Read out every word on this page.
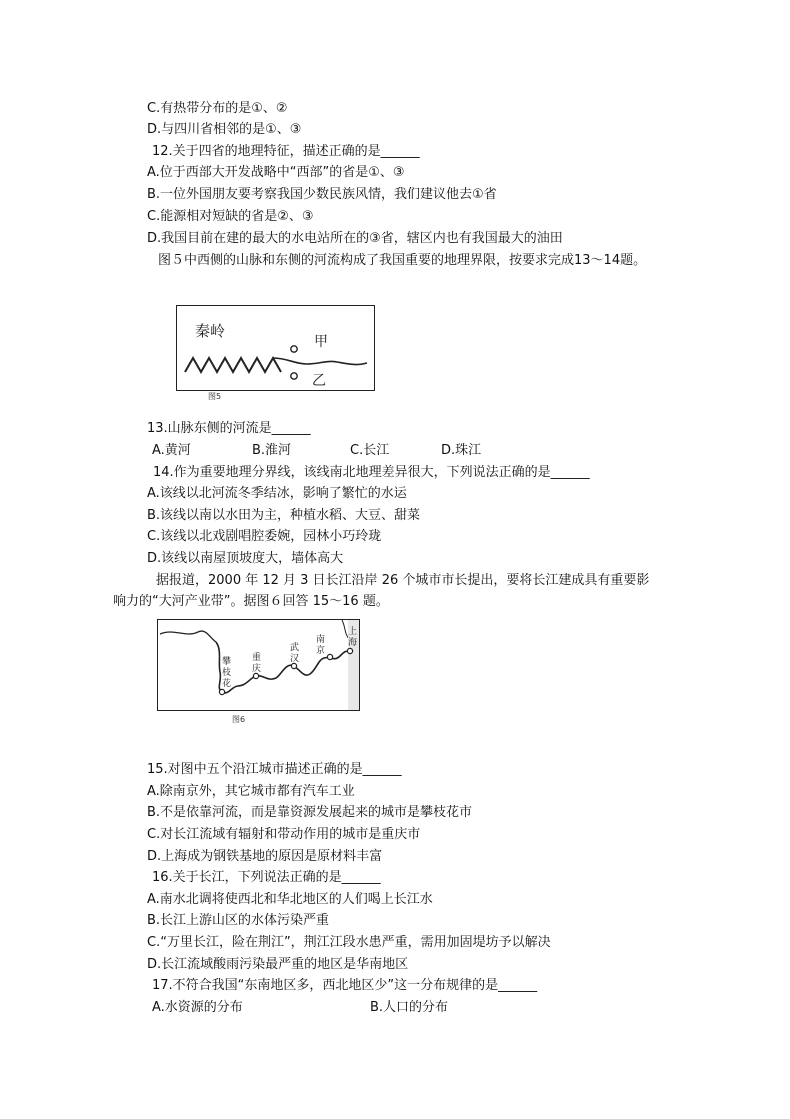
C.有热带分布的是①、②
D.与四川省相邻的是①、③
12.关于四省的地理特征，描述正确的是______
A.位于西部大开发战略中“西部”的省是①、③
B.一位外国朋友要考察我国少数民族风情，我们建议他去①省
C.能源相对短缺的省是②、③
D.我国目前在建的最大的水电站所在的③省，辖区内也有我国最大的油田
图５中西侧的山脉和东侧的河流构成了我国重要的地理界限，按要求完成13～14题。
秦岭
甲
乙
图5
13.山脉东侧的河流是______
A.黄河	B.淮河	C.长江	D.珠江
14.作为重要地理分界线，该线南北地理差异很大，下列说法正确的是______
A.该线以北河流冬季结冰，影响了繁忙的水运
B.该线以南以水田为主，种植水稻、大豆、甜菜
C.该线以北戏剧唱腔委婉，园林小巧玲珑
D.该线以南屋顶坡度大，墙体高大
据报道，2000 年 12 月 3 日长江沿岸 26 个城市市长提出，要将长江建成具有重要影
响力的“大河产业带”。据图６回答 15～16 题。
攀
枝
花
重
庆
武
汉
南
京
上
海
图6
15.对图中五个沿江城市描述正确的是______
A.除南京外，其它城市都有汽车工业
B.不是依靠河流，而是靠资源发展起来的城市是攀枝花市
C.对长江流域有辐射和带动作用的城市是重庆市
D.上海成为钢铁基地的原因是原材料丰富
16.关于长江，下列说法正确的是______
A.南水北调将使西北和华北地区的人们喝上长江水
B.长江上游山区的水体污染严重
C.“万里长江，险在荆江”，荆江江段水患严重，需用加固堤坊予以解决
D.长江流域酸雨污染最严重的地区是华南地区
17.不符合我国“东南地区多，西北地区少”这一分布规律的是______
A.水资源的分布	B.人口的分布
